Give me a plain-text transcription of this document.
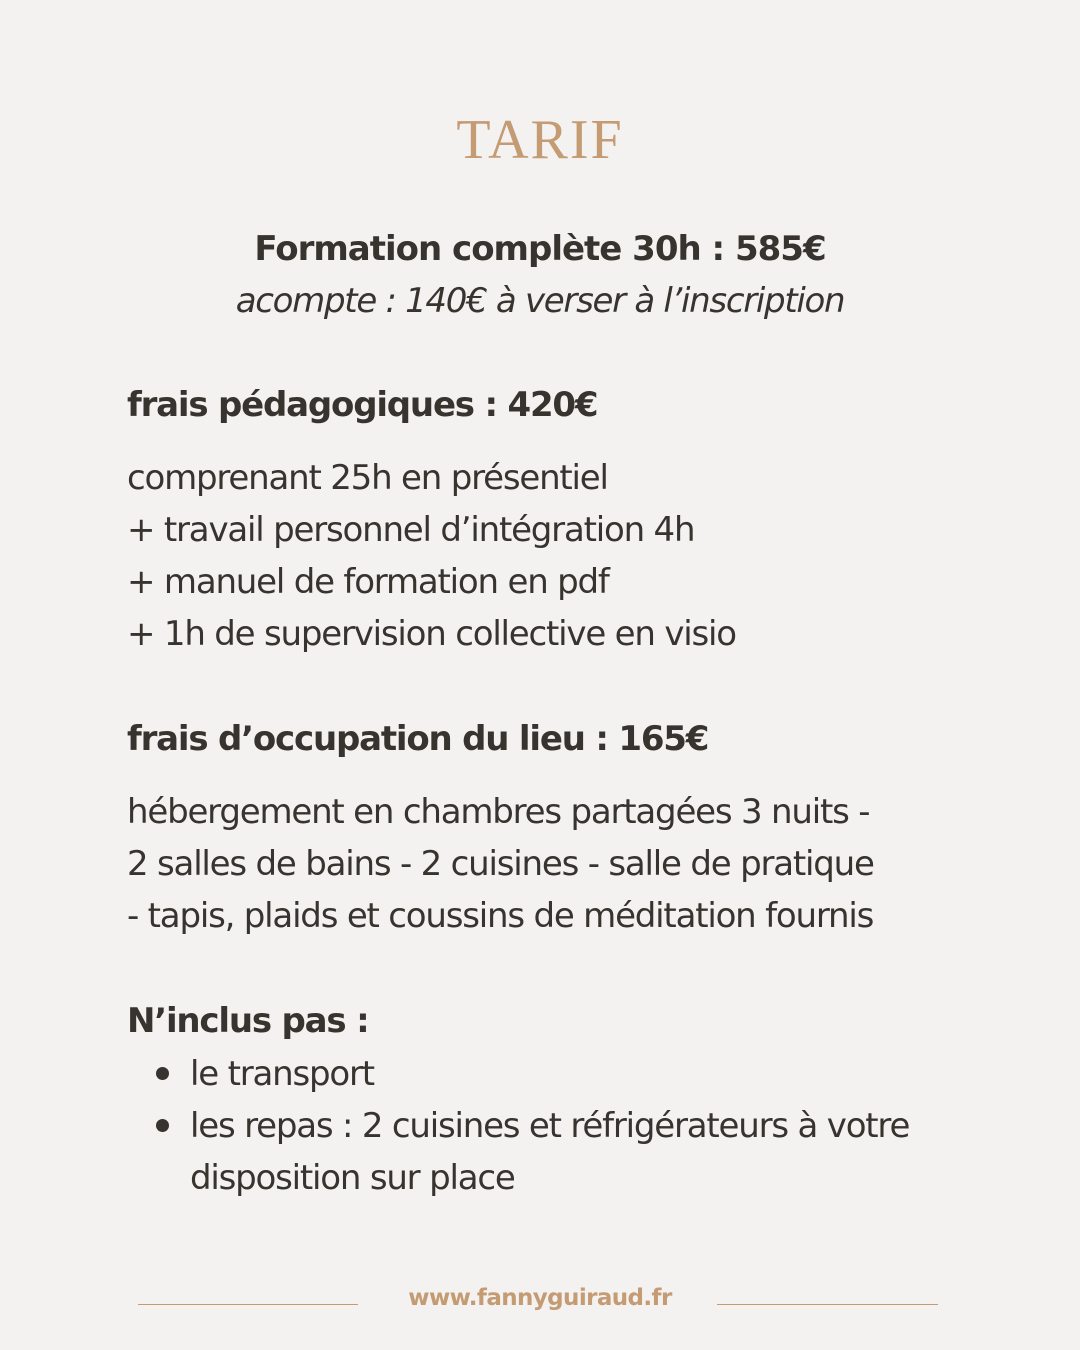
TARIF
Formation complète 30h : 585€
acompte : 140€ à verser à l’inscription
frais pédagogiques : 420€
comprenant 25h en présentiel
+ travail personnel d’intégration 4h
+ manuel de formation en pdf
+ 1h de supervision collective en visio
frais d’occupation du lieu : 165€
hébergement en chambres partagées 3 nuits -
2 salles de bains - 2 cuisines - salle de pratique
- tapis, plaids et coussins de méditation fournis
N’inclus pas :
le transport
les repas : 2 cuisines et réfrigérateurs à votre disposition sur place
www.fannyguiraud.fr
